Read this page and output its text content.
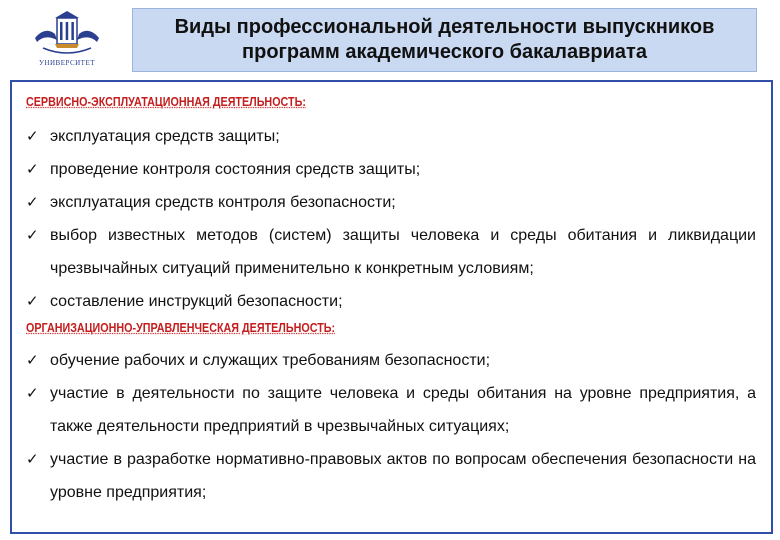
УНИВЕРСИТЕТ
Виды профессиональной деятельности выпускников
программ академического бакалавриата
СЕРВИСНО-ЭКСПЛУАТАЦИОННАЯ ДЕЯТЕЛЬНОСТЬ:
✓ эксплуатация средств защиты;
✓ проведение контроля состояния средств защиты;
✓ эксплуатация средств контроля безопасности;
✓ выбор известных методов (систем) защиты человека и среды обитания и ликвидации чрезвычайных ситуаций применительно к конкретным условиям;
✓ составление инструкций безопасности;
ОРГАНИЗАЦИОННО-УПРАВЛЕНЧЕСКАЯ ДЕЯТЕЛЬНОСТЬ:
✓ обучение рабочих и служащих требованиям безопасности;
✓ участие в деятельности по защите человека и среды обитания на уровне предприятия, а также деятельности предприятий в чрезвычайных ситуациях;
✓ участие в разработке нормативно-правовых актов по вопросам обеспечения безопасности на уровне предприятия;
